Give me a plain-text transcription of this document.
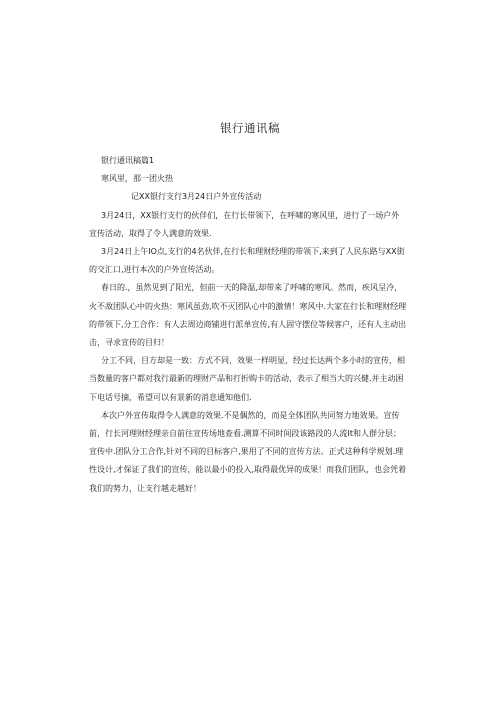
银行通讯稿

银行通讯稿篇1

寒风里，那一团火热

记XX银行支行3月24日户外宣传活动

3月24日，XX银行支行的伙伴们，在行长带领下，在呼啸的寒风里，进行了一场户外宣传活动，取得了令人满意的效果.

3月24日上午IO点,支行的4名伙伴,在行长和理财经理的带领下,来到了人民东路与XX街的交汇口,进行本次的户外宣传活动。

春日的.，虽然见到了阳光，但前一天的降温,却带来了呼啸的寒风。然而，疾风呈冷，火不敌团队心中的火热：寒风虽劲,吹不灭团队心中的激情！寒风中.大家在行长和理财经理的带领下,分工合作：有人去周边商铺进行派单宣传,有人固守摆位等候客户，还有人主动出击，寻求宣传的目归！

分工不同，目方却是一致：方式不同，效果一样明显，经过长达两个多小时的宣传，相当数量的客户都对我行最新的理财产品和打折购卡的活动，表示了相当大的兴健.并主动困下电话号摘，希望可以有景新的消息通知他们.

本次户外宣传取得令人满意的效果.不是偶然的，而是全体团队共同努力地效果。宣传前，行长河理财经理亲自前往宣传场地查看.测算不同时间段该路段的人流It和人群分层；宣传中.团队分工合作,针对不同的目标客户,果用了不同的宣传方法。正式这种科学规划.理性设计,才保证了我们的宣传，能以最小的投入,取得最优异的成果！而我们团队，也会凭着我们的势力，让支行越走越好！
